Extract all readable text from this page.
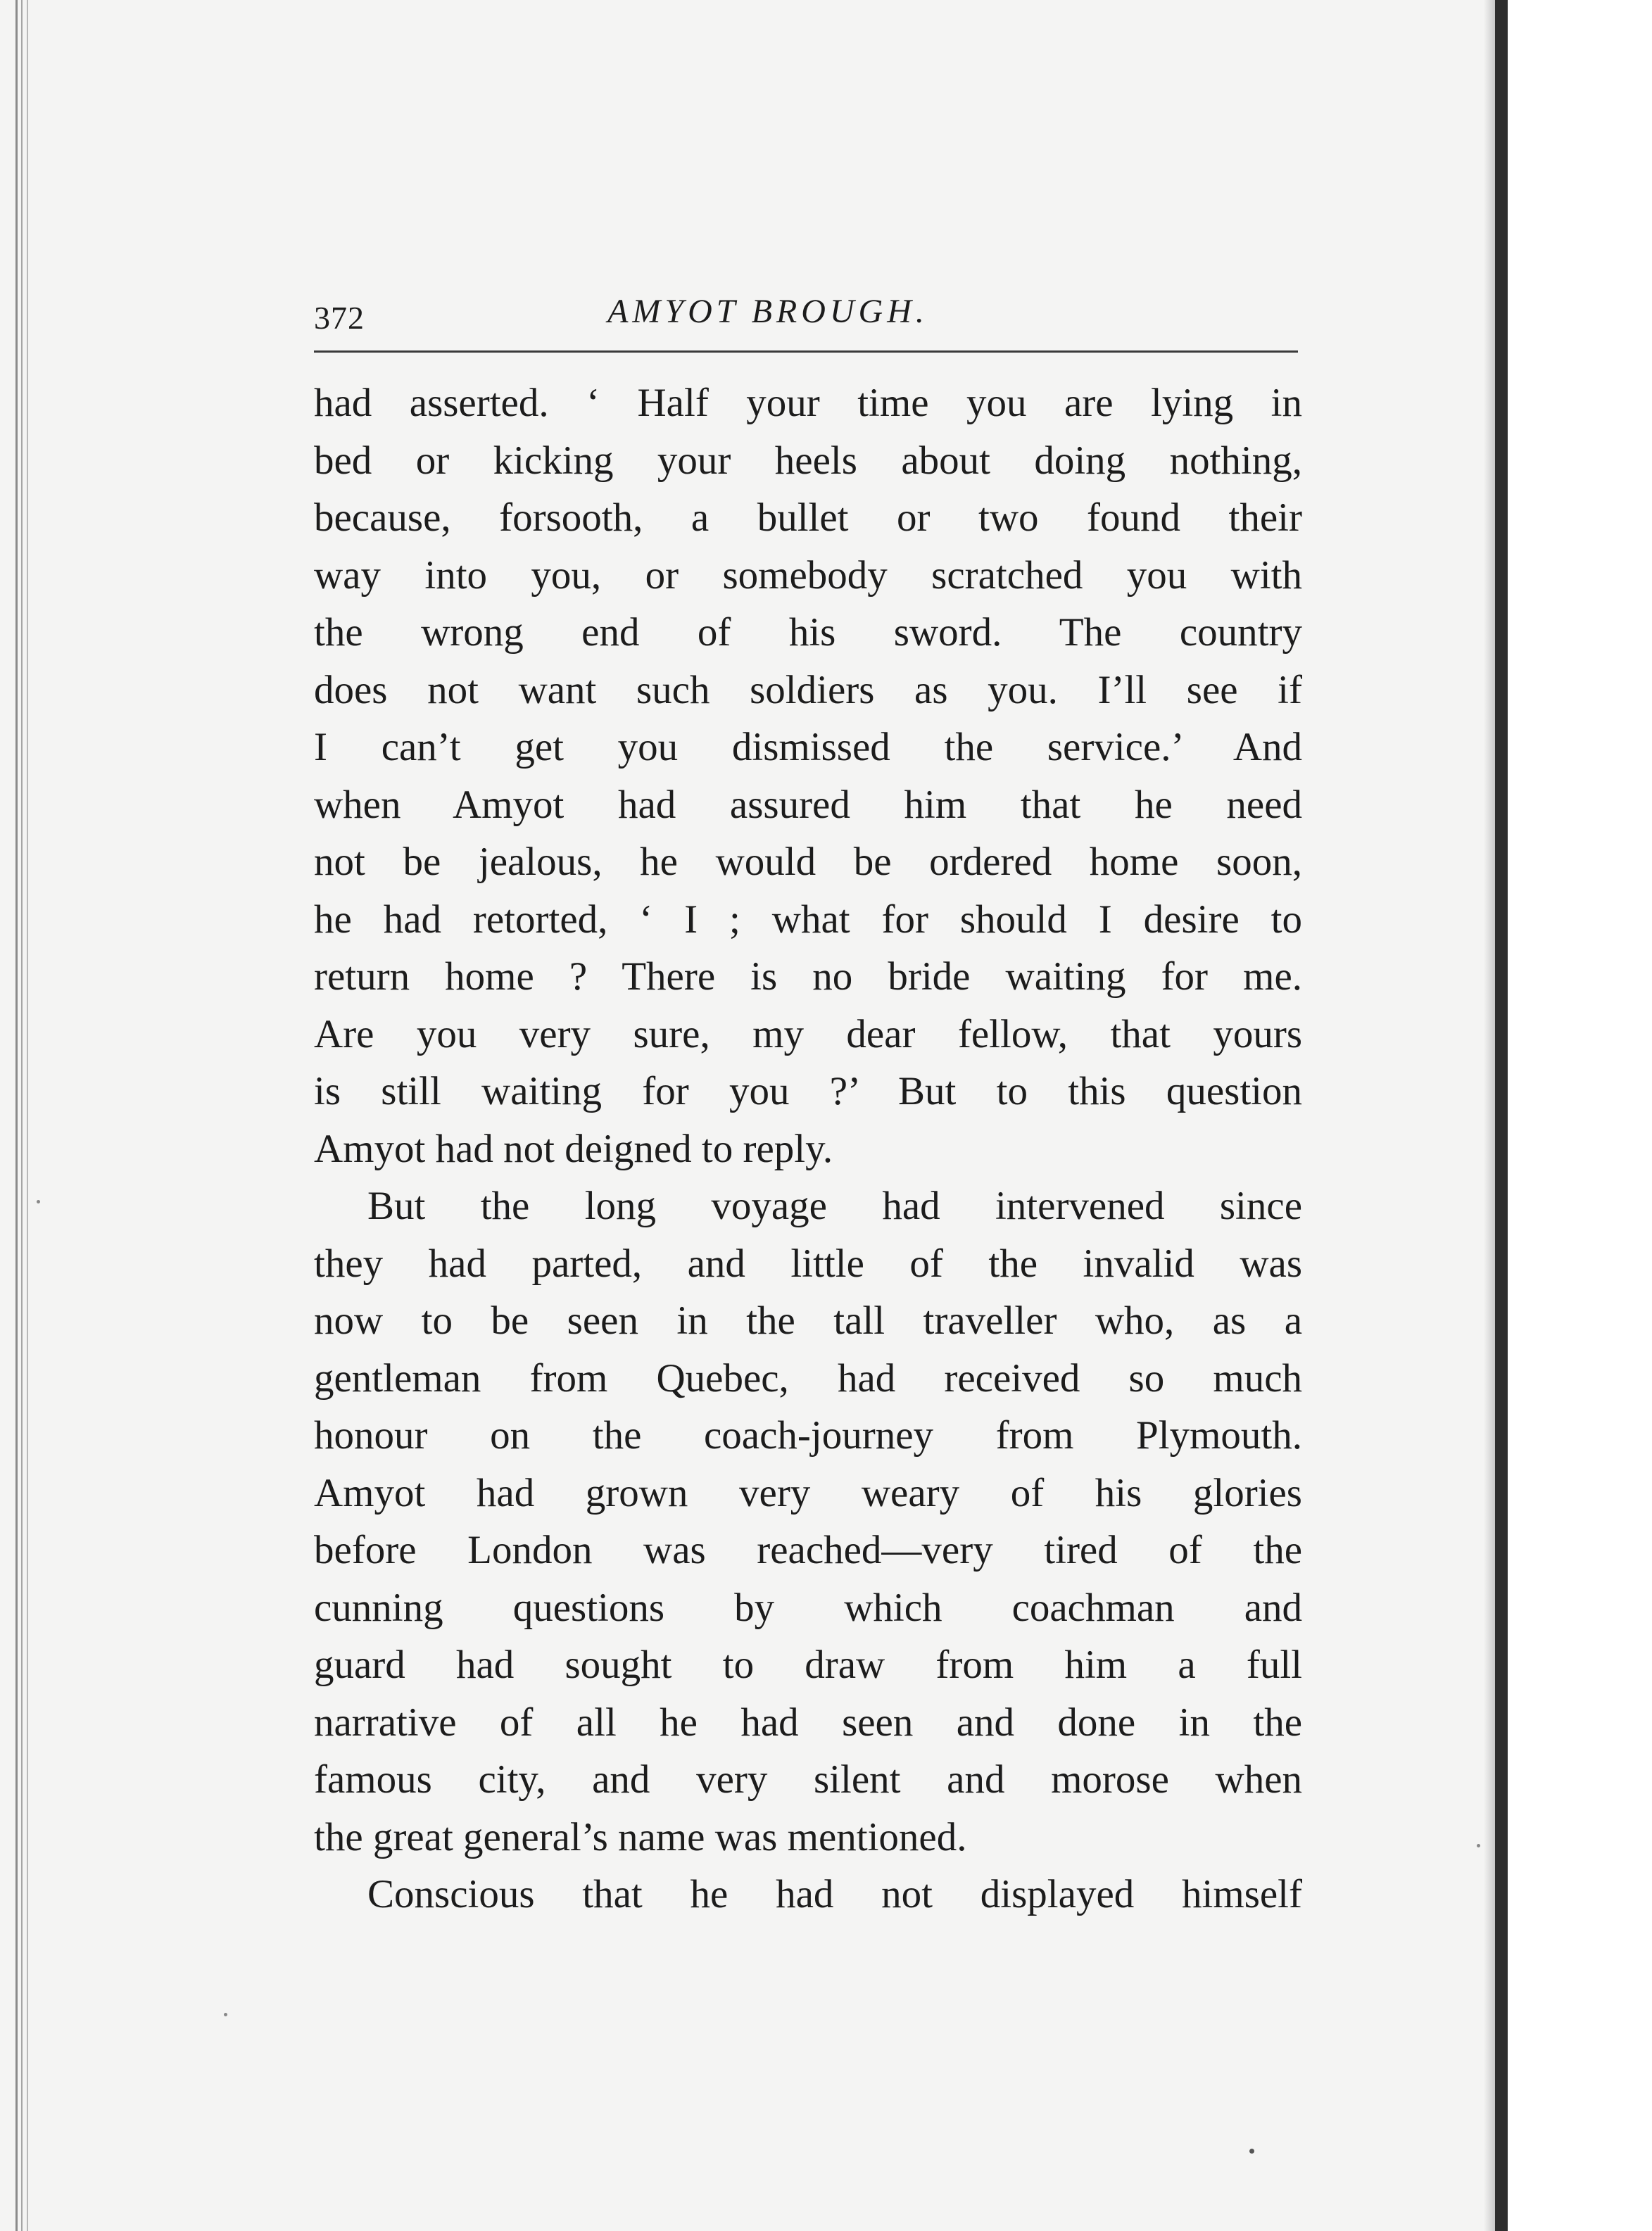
372	AMYOT BROUGH.
had asserted. ‘ Half your time you are lying in
bed or kicking your heels about doing nothing,
because, forsooth, a bullet or two found their
way into you, or somebody scratched you with
the wrong end of his sword. The country
does not want such soldiers as you. I’ll see if
I can’t get you dismissed the service.’ And
when Amyot had assured him that he need
not be jealous, he would be ordered home soon,
he had retorted, ‘ I ; what for should I desire to
return home ? There is no bride waiting for me.
Are you very sure, my dear fellow, that yours
is still waiting for you ?’ But to this question
Amyot had not deigned to reply.
But the long voyage had intervened since
they had parted, and little of the invalid was
now to be seen in the tall traveller who, as a
gentleman from Quebec, had received so much
honour on the coach-journey from Plymouth.
Amyot had grown very weary of his glories
before London was reached—very tired of the
cunning questions by which coachman and
guard had sought to draw from him a full
narrative of all he had seen and done in the
famous city, and very silent and morose when
the great general’s name was mentioned.
Conscious that he had not displayed himself
